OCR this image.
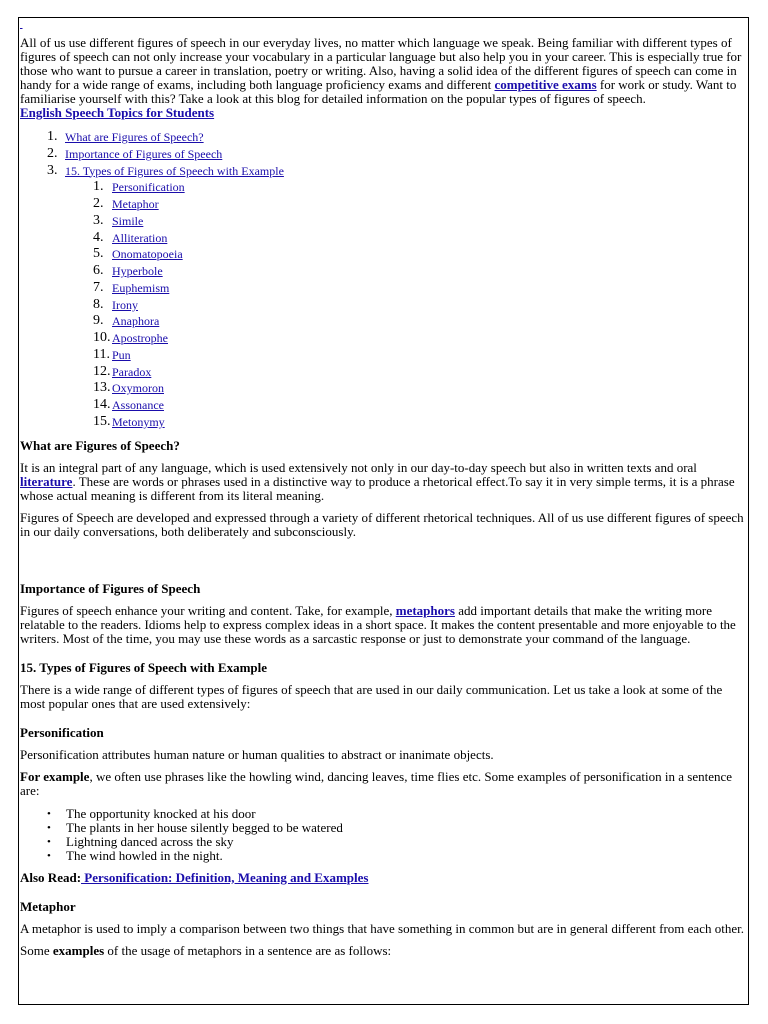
All of us use different figures of speech in our everyday lives, no matter which language we speak. Being familiar with different types of figures of speech can not only increase your vocabulary in a particular language but also help you in your career. This is especially true for those who want to pursue a career in translation, poetry or writing. Also, having a solid idea of the different figures of speech can come in handy for a wide range of exams, including both language proficiency exams and different competitive exams for work or study. Want to familiarise yourself with this? Take a look at this blog for detailed information on the popular types of figures of speech.

English Speech Topics for Students

What are Figures of Speech?
Importance of Figures of Speech
15. Types of Figures of Speech with Example
Personification
Metaphor
Simile
Alliteration
Onomatopoeia
Hyperbole
Euphemism
Irony
Anaphora
Apostrophe
Pun
Paradox
Oxymoron
Assonance
Metonymy
What are Figures of Speech?

It is an integral part of any language, which is used extensively not only in our day-to-day speech but also in written texts and oral literature. These are words or phrases used in a distinctive way to produce a rhetorical effect.To say it in very simple terms, it is a phrase whose actual meaning is different from its literal meaning.

Figures of Speech are developed and expressed through a variety of different rhetorical techniques. All of us use different figures of speech in our daily conversations, both deliberately and subconsciously.

Importance of Figures of Speech

Figures of speech enhance your writing and content. Take, for example, metaphors add important details that make the writing more relatable to the readers. Idioms help to express complex ideas in a short space. It makes the content presentable and more enjoyable to the writers. Most of the time, you may use these words as a sarcastic response or just to demonstrate your command of the language.

15. Types of Figures of Speech with Example

There is a wide range of different types of figures of speech that are used in our daily communication. Let us take a look at some of the most popular ones that are used extensively:

Personification

Personification attributes human nature or human qualities to abstract or inanimate objects.

For example, we often use phrases like the howling wind, dancing leaves, time flies etc. Some examples of personification in a sentence are:

• The opportunity knocked at his door
• The plants in her house silently begged to be watered
• Lightning danced across the sky
• The wind howled in the night.

Also Read: Personification: Definition, Meaning and Examples

Metaphor

A metaphor is used to imply a comparison between two things that have something in common but are in general different from each other.

Some examples of the usage of metaphors in a sentence are as follows:
